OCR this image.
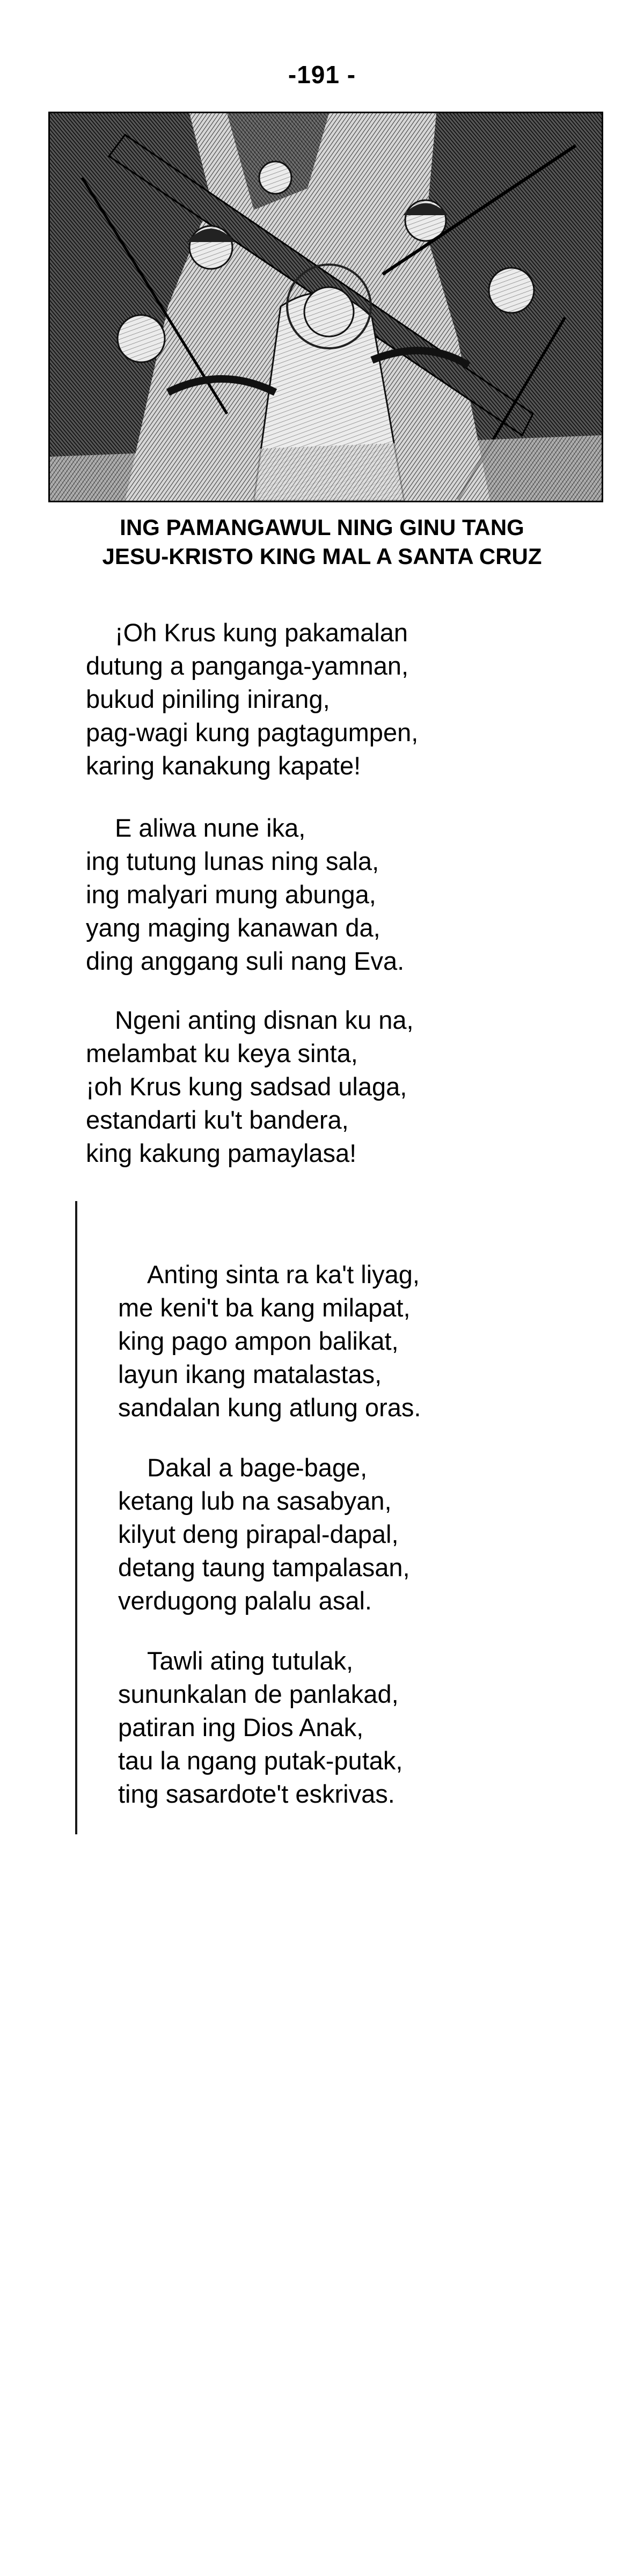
-191 -
ING PAMANGAWUL NING GINU TANG
JESU-KRISTO KING MAL A SANTA CRUZ
¡Oh Krus kung pakamalan
dutung a panganga-yamnan,
bukud piniling inirang,
pag-wagi kung pagtagumpen,
karing kanakung kapate!
E aliwa nune ika,
ing tutung lunas ning sala,
ing malyari mung abunga,
yang maging kanawan da,
ding anggang suli nang Eva.
Ngeni anting disnan ku na,
melambat ku keya sinta,
¡oh Krus kung sadsad ulaga,
estandarti ku't bandera,
king kakung pamaylasa!
Anting sinta ra ka't liyag,
me keni't ba kang milapat,
king pago ampon balikat,
layun ikang matalastas,
sandalan kung atlung oras.
Dakal a bage-bage,
ketang lub na sasabyan,
kilyut deng pirapal-dapal,
detang taung tampalasan,
verdugong palalu asal.
Tawli ating tutulak,
sununkalan de panlakad,
patiran ing Dios Anak,
tau la ngang putak-putak,
ting sasardote't eskrivas.
